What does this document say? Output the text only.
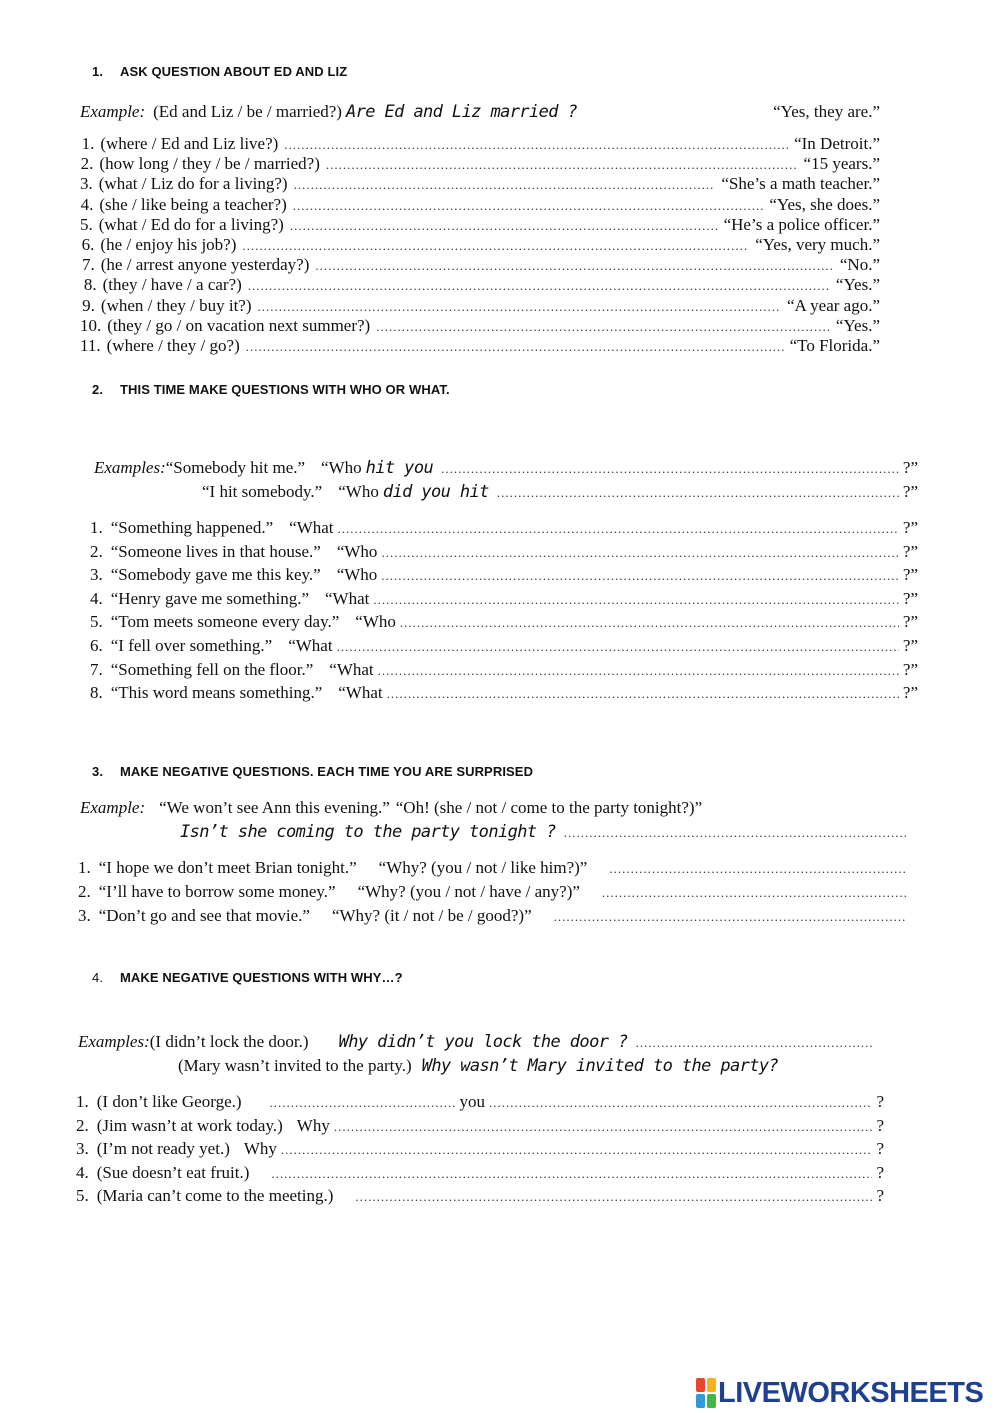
1. ASK QUESTION ABOUT ED AND LIZ
Example: (Ed and Liz / be / married?) Are Ed and Liz married ?	“Yes, they are.”
1. (where / Ed and Liz live?) .....	“In Detroit.”
2. (how long / they / be / married?) .....	“15 years.”
3. (what / Liz do for a living?) .....	“She’s a math teacher.”
4. (she / like being a teacher?) .....	“Yes, she does.”
5. (what / Ed do for a living?) .....	“He’s a police officer.”
6. (he / enjoy his job?) .....	“Yes, very much.”
7. (he / arrest anyone yesterday?) .....	“No.”
8. (they / have / a car?) .....	“Yes.”
9. (when / they / buy it?) .....	“A year ago.”
10. (they / go / on vacation next summer?) .....	“Yes.”
11. (where / they / go?) .....	“To Florida.”
2. THIS TIME MAKE QUESTIONS WITH WHO OR WHAT.
Examples: “Somebody hit me.” “Who hit you .....	?”
“I hit somebody.” “Who did you hit .....	?”
1. “Something happened.” “What .....	?”
2. “Someone lives in that house.” “Who .....	?”
3. “Somebody gave me this key.” “Who .....	?”
4. “Henry gave me something.” “What .....	?”
5. “Tom meets someone every day.” “Who .....	?”
6. “I fell over something.” “What .....	?”
7. “Something fell on the floor.” “What .....	?”
8. “This word means something.” “What .....	?”
3. MAKE NEGATIVE QUESTIONS. EACH TIME YOU ARE SURPRISED
Example: “We won’t see Ann this evening.” “Oh! (she / not / come to the party tonight?)”
Isn’t she coming to the party tonight ?
.....
1. “I hope we don’t meet Brian tonight.” “Why? (you / not / like him?)”
.....
2. “I’ll have to borrow some money.” “Why? (you / not / have / any?)”
.....
3. “Don’t go and see that movie.” “Why? (it / not / be / good?)”
.....
4. MAKE NEGATIVE QUESTIONS WITH WHY…?
Examples: (I didn’t lock the door.) Why didn’t you lock the door ?
.....
(Mary wasn’t invited to the party.) Why wasn’t Mary invited to the party?
1. (I don’t like George.) .....	you .....	?
2. (Jim wasn’t at work today.) Why .....	?
3. (I’m not ready yet.) Why .....	?
4. (Sue doesn’t eat fruit.) .....	?
5. (Maria can’t come to the meeting.) .....	?
LIVEWORKSHEETS
